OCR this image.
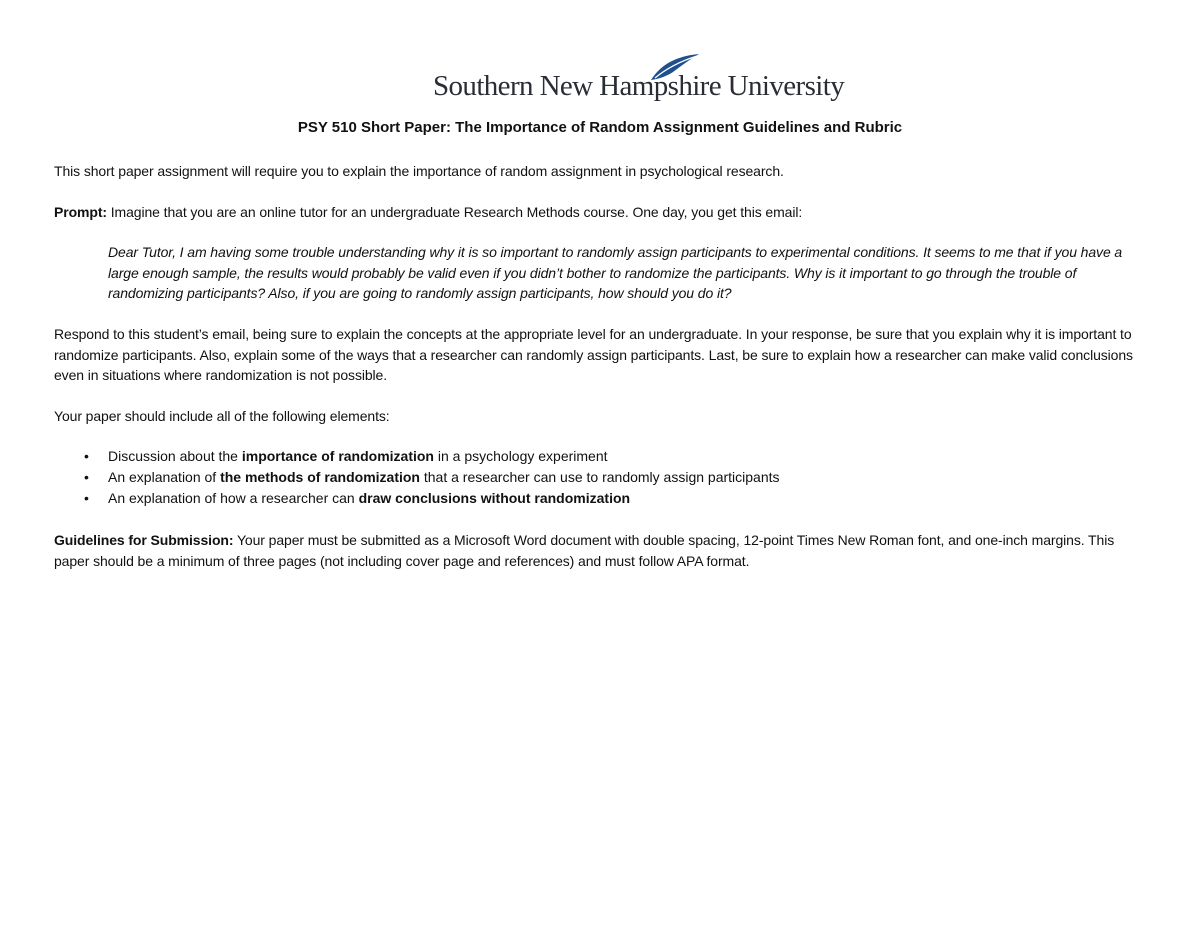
Southern New Hampshire University
PSY 510 Short Paper: The Importance of Random Assignment Guidelines and Rubric
This short paper assignment will require you to explain the importance of random assignment in psychological research.
Prompt: Imagine that you are an online tutor for an undergraduate Research Methods course. One day, you get this email:
Dear Tutor, I am having some trouble understanding why it is so important to randomly assign participants to experimental conditions. It seems to me that if you have a large enough sample, the results would probably be valid even if you didn’t bother to randomize the participants. Why is it important to go through the trouble of randomizing participants? Also, if you are going to randomly assign participants, how should you do it?
Respond to this student’s email, being sure to explain the concepts at the appropriate level for an undergraduate. In your response, be sure that you explain why it is important to randomize participants. Also, explain some of the ways that a researcher can randomly assign participants. Last, be sure to explain how a researcher can make valid conclusions even in situations where randomization is not possible.
Your paper should include all of the following elements:
• Discussion about the importance of randomization in a psychology experiment
• An explanation of the methods of randomization that a researcher can use to randomly assign participants
• An explanation of how a researcher can draw conclusions without randomization
Guidelines for Submission: Your paper must be submitted as a Microsoft Word document with double spacing, 12-point Times New Roman font, and one-inch margins. This paper should be a minimum of three pages (not including cover page and references) and must follow APA format.
